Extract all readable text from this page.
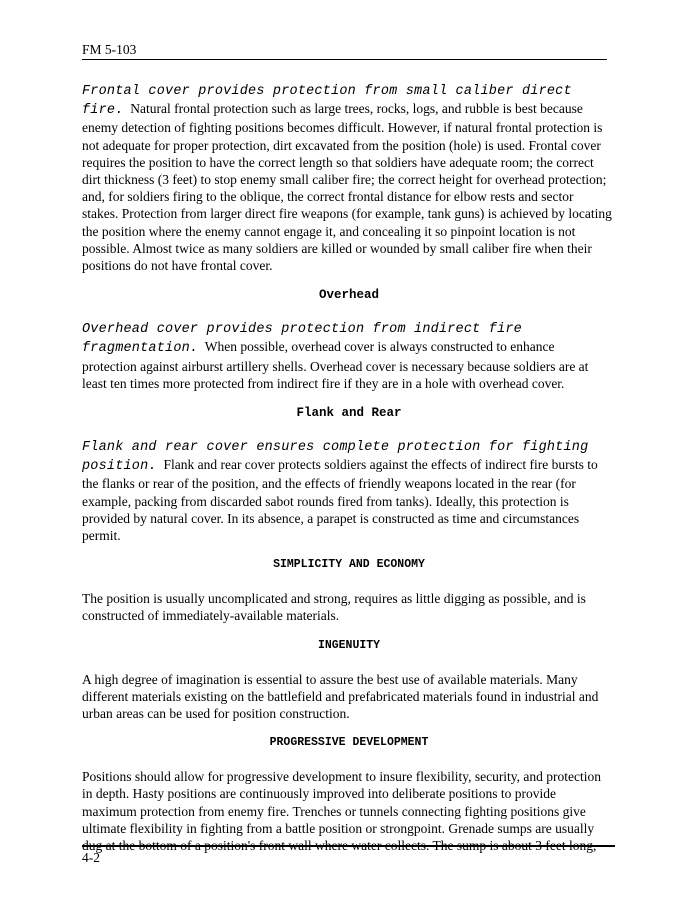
FM 5-103

Frontal cover provides protection from small caliber direct fire. Natural frontal protection such as large trees, rocks, logs, and rubble is best because enemy detection of fighting positions becomes difficult. However, if natural frontal protection is not adequate for proper protection, dirt excavated from the position (hole) is used. Frontal cover requires the position to have the correct length so that soldiers have adequate room; the correct dirt thickness (3 feet) to stop enemy small caliber fire; the correct height for overhead protection; and, for soldiers firing to the oblique, the correct frontal distance for elbow rests and sector stakes. Protection from larger direct fire weapons (for example, tank guns) is achieved by locating the position where the enemy cannot engage it, and concealing it so pinpoint location is not possible. Almost twice as many soldiers are killed or wounded by small caliber fire when their positions do not have frontal cover.

Overhead

Overhead cover provides protection from indirect fire fragmentation. When possible, overhead cover is always constructed to enhance protection against airburst artillery shells. Overhead cover is necessary because soldiers are at least ten times more protected from indirect fire if they are in a hole with overhead cover.

Flank and Rear

Flank and rear cover ensures complete protection for fighting position. Flank and rear cover protects soldiers against the effects of indirect fire bursts to the flanks or rear of the position, and the effects of friendly weapons located in the rear (for example, packing from discarded sabot rounds fired from tanks). Ideally, this protection is provided by natural cover. In its absence, a parapet is constructed as time and circumstances permit.

SIMPLICITY AND ECONOMY

The position is usually uncomplicated and strong, requires as little digging as possible, and is constructed of immediately-available materials.

INGENUITY

A high degree of imagination is essential to assure the best use of available materials. Many different materials existing on the battlefield and prefabricated materials found in industrial and urban areas can be used for position construction.

PROGRESSIVE DEVELOPMENT

Positions should allow for progressive development to insure flexibility, security, and protection in depth. Hasty positions are continuously improved into deliberate positions to provide maximum protection from enemy fire. Trenches or tunnels connecting fighting positions give ultimate flexibility in fighting from a battle position or strongpoint. Grenade sumps are usually dug at the bottom of a position's front wall where water collects. The sump is about 3 feet long,

4-2
